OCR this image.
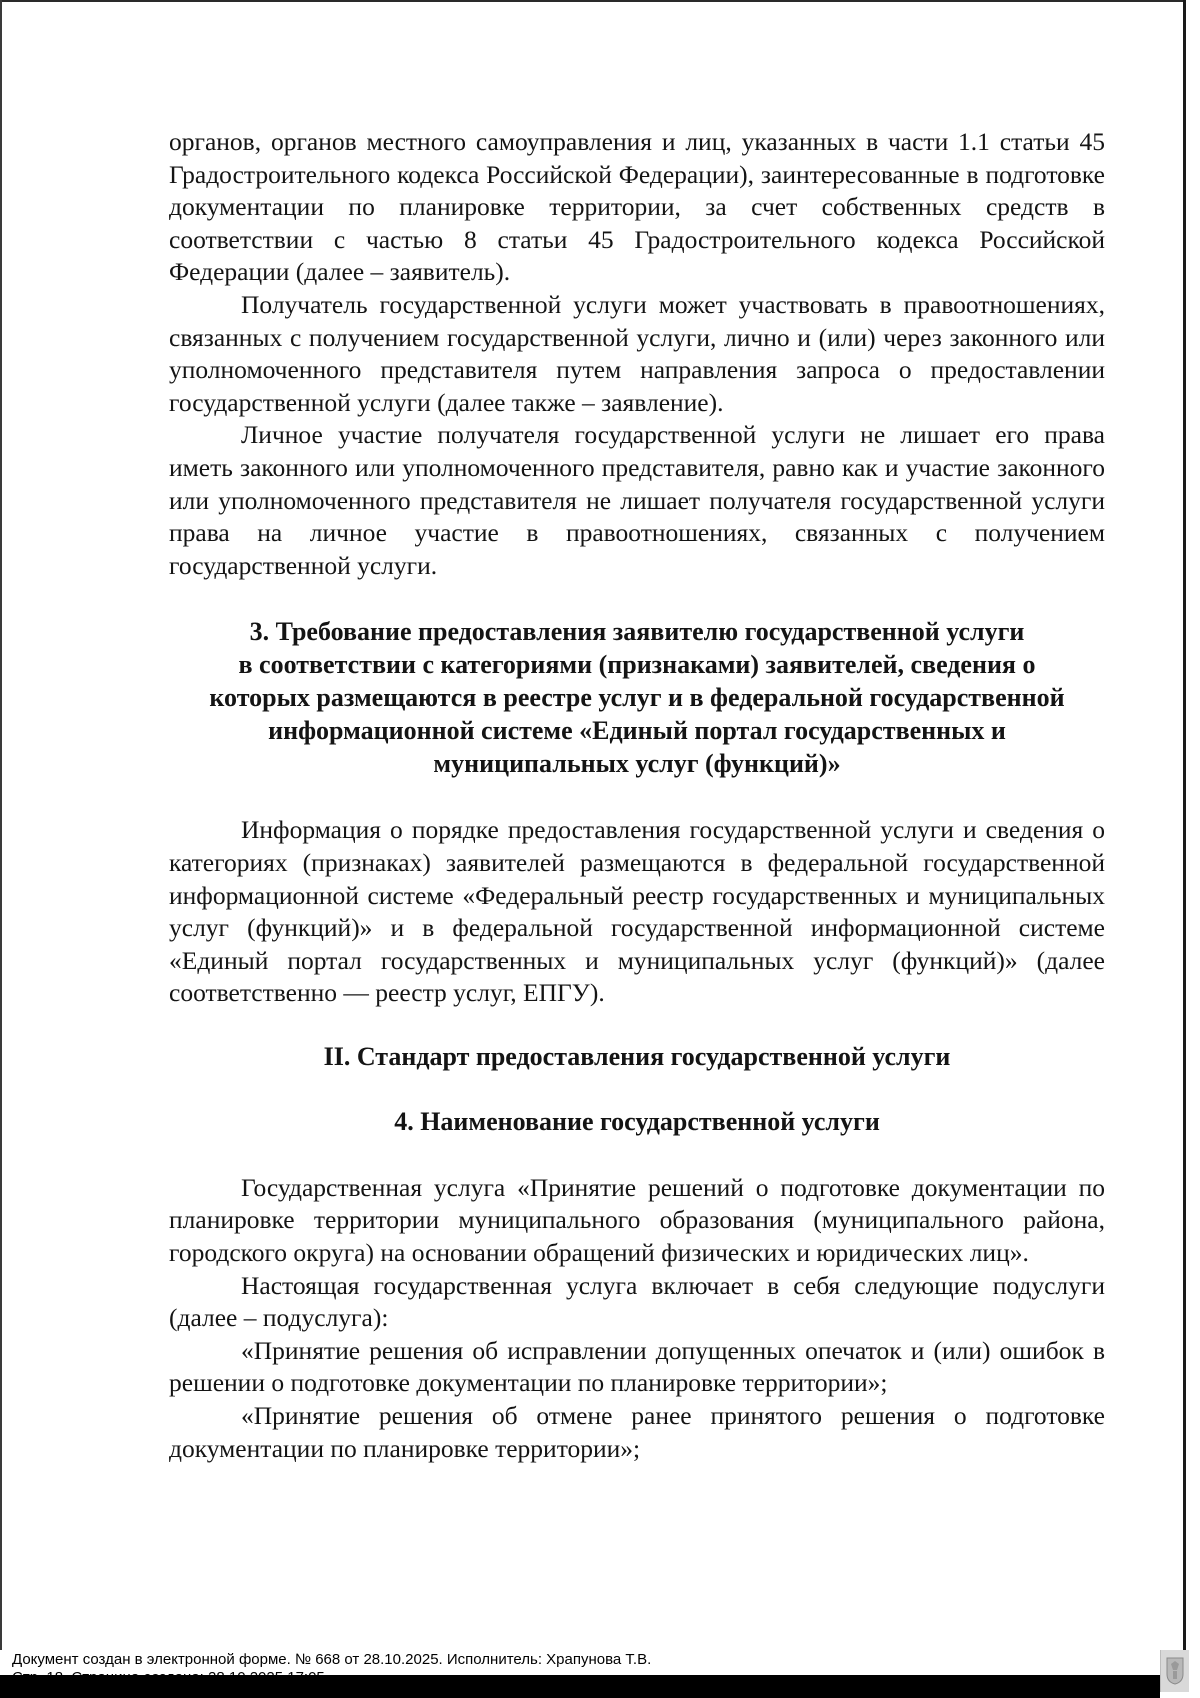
органов, органов местного самоуправления и лиц, указанных в части 1.1 статьи 45 Градостроительного кодекса Российской Федерации), заинтересованные в подготовке документации по планировке территории, за счет собственных средств в соответствии с частью 8 статьи 45 Градостроительного кодекса Российской Федерации (далее – заявитель).

Получатель государственной услуги может участвовать в правоотношениях, связанных с получением государственной услуги, лично и (или) через законного или уполномоченного представителя путем направления запроса о предоставлении государственной услуги (далее также – заявление).

Личное участие получателя государственной услуги не лишает его права иметь законного или уполномоченного представителя, равно как и участие законного или уполномоченного представителя не лишает получателя государственной услуги права на личное участие в правоотношениях, связанных с получением государственной услуги.

3. Требование предоставления заявителю государственной услуги
в соответствии с категориями (признаками) заявителей, сведения о
которых размещаются в реестре услуг и в федеральной государственной
информационной системе «Единый портал государственных и
муниципальных услуг (функций)»

Информация о порядке предоставления государственной услуги и сведения о категориях (признаках) заявителей размещаются в федеральной государственной информационной системе «Федеральный реестр государственных и муниципальных услуг (функций)» и в федеральной государственной информационной системе «Единый портал государственных и муниципальных услуг (функций)» (далее соответственно — реестр услуг, ЕПГУ).

II. Стандарт предоставления государственной услуги
4. Наименование государственной услуги

Государственная услуга «Принятие решений о подготовке документации по планировке территории муниципального образования (муниципального района, городского округа) на основании обращений физических и юридических лиц».

Настоящая государственная услуга включает в себя следующие подуслуги (далее – подуслуга):

«Принятие решения об исправлении допущенных опечаток и (или) ошибок в решении о подготовке документации по планировке территории»;

«Принятие решения об отмене ранее принятого решения о подготовке документации по планировке территории»;

Документ создан в электронной форме. № 668 от 28.10.2025. Исполнитель: Храпунова Т.В.
